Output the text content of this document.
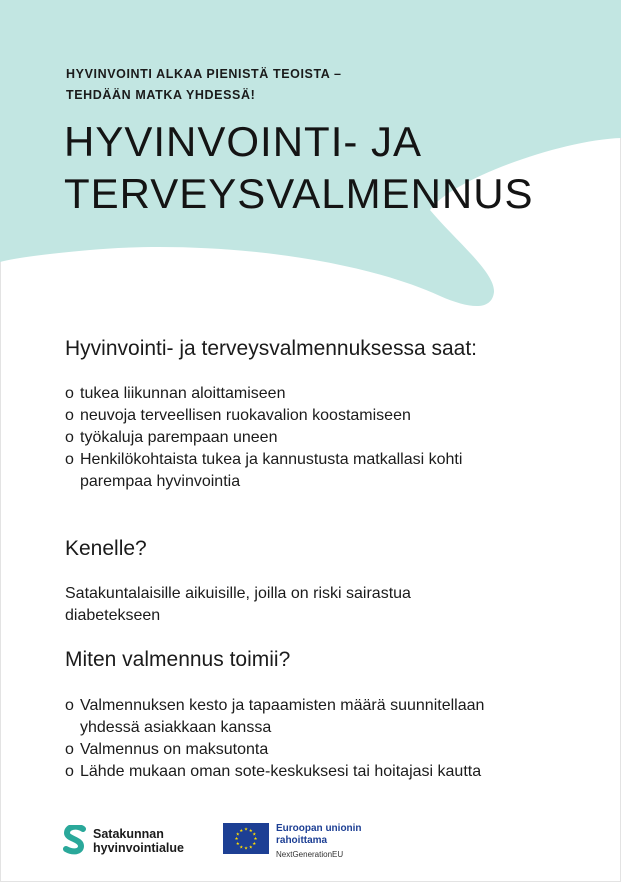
HYVINVOINTI ALKAA PIENISTÄ TEOISTA –
TEHDÄÄN MATKA YHDESSÄ!
HYVINVOINTI- JA
TERVEYSVALMENNUS
Hyvinvointi- ja terveysvalmennuksessa saat:
o tukea liikunnan aloittamiseen
o neuvoja terveellisen ruokavalion koostamiseen
o työkaluja parempaan uneen
o Henkilökohtaista tukea ja kannustusta matkallasi kohti
parempaa hyvinvointia
Kenelle?
Satakuntalaisille aikuisille, joilla on riski sairastua
diabetekseen
Miten valmennus toimii?
o Valmennuksen kesto ja tapaamisten määrä suunnitellaan
yhdessä asiakkaan kanssa
o Valmennus on maksutonta
o Lähde mukaan oman sote-keskuksesi tai hoitajasi kautta
Satakunnan
hyvinvointialue
★
★
★
★
★
★
★
★
★ ★ ★
★ Euroopan unionin
rahoittama
NextGenerationEU
